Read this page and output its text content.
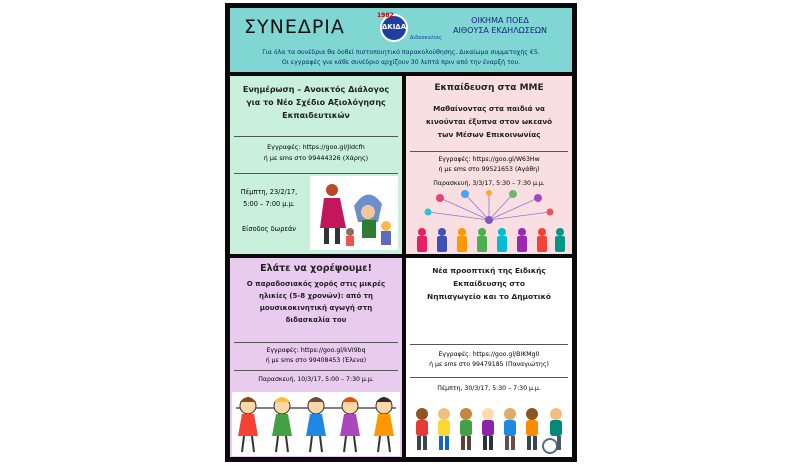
ΣΥΝΕΔΡΙΑ
1982
ΔΚΙΔΑ
Διδασκαλίας
ΟΙΚΗΜΑ ΠΟΕΔ
ΑΙΘΟΥΣΑ ΕΚΔΗΛΩΣΕΩΝ
Για όλα τα συνέδρια θα δοθεί πιστοποιητικό παρακολούθησης. Δικαίωμα συμμετοχής €5.
Οι εγγραφές για κάθε συνέδριο αρχίζουν 30 λεπτά πριν από την έναρξή του.
Ενημέρωση – Ανοικτός Διάλογος
για το Νέο Σχέδιο Αξιολόγησης
Εκπαιδευτικών
Εγγραφές: https://goo.gl/Jldcfh
ή με sms στο 99444326 (Χάρης)
Πέμπτη, 23/2/17,
5:00 – 7:00 μ.μ.
Είσοδος δωρεάν
Εκπαίδευση στα ΜΜΕ
Μαθαίνοντας στα παιδιά να
κινούνται έξυπνα στον ωκεανό
των Μέσων Επικοινωνίας
Εγγραφές: https://goo.gl/W63Hw
ή με sms στο 99521653 (Αγάθη)
Παρασκευή, 3/3/17, 5:30 – 7:30 μ.μ.
Ελάτε να χορέψουμε!
Ο παραδοσιακός χορός στις μικρές
ηλικίες (5-8 χρονών): από τη
μουσικοκινητική αγωγή στη
διδασκαλία του
Εγγραφές: https://goo.gl/kVI9bq
ή με sms στο 99408453 (Έλενα)
Παρασκευή, 10/3/17, 5:00 – 7:30 μ.μ.
Νέα προοπτική της Ειδικής
Εκπαίδευσης στο
Νηπιαγωγείο και το Δημοτικό
Εγγραφές: https://goo.gl/BIKMg0
ή με sms στο 99479185 (Παναγιώτης)
Πέμπτη, 30/3/17, 5:30 – 7:30 μ.μ.
